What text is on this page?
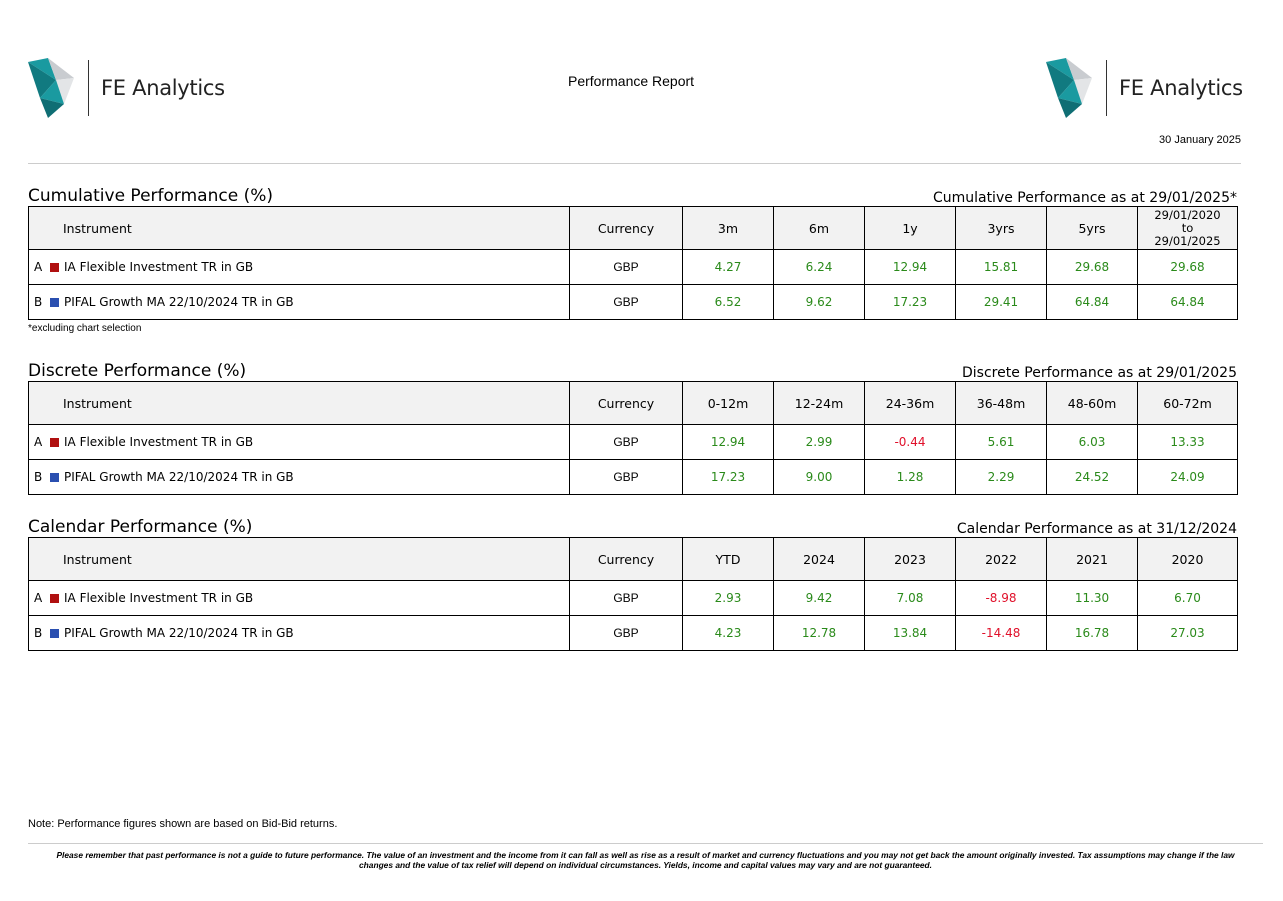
FE Analytics	Performance Report	FE Analytics
30 January 2025
Cumulative Performance (%)	Cumulative Performance as at 29/01/2025*
Instrument	Currency	3m	6m	1y	3yrs	5yrs	29/01/2020
to
29/01/2025

A IA Flexible Investment TR in GB	GBP	4.27	6.24	12.94	15.81	29.68	29.68
B PIFAL Growth MA 22/10/2024 TR in GB	GBP	6.52	9.62	17.23	29.41	64.84	64.84
*excluding chart selection
Discrete Performance (%)	Discrete Performance as at 29/01/2025
Instrument	Currency	0-12m	12-24m	24-36m	36-48m	48-60m	60-72m
A IA Flexible Investment TR in GB	GBP	12.94	2.99	-0.44	5.61	6.03	13.33
B PIFAL Growth MA 22/10/2024 TR in GB	GBP	17.23	9.00	1.28	2.29	24.52	24.09
Calendar Performance (%)	Calendar Performance as at 31/12/2024
Instrument	Currency	YTD	2024	2023	2022	2021	2020
A IA Flexible Investment TR in GB	GBP	2.93	9.42	7.08	-8.98	11.30	6.70
B PIFAL Growth MA 22/10/2024 TR in GB	GBP	4.23	12.78	13.84	-14.48	16.78	27.03
Note: Performance figures shown are based on Bid-Bid returns.
Please remember that past performance is not a guide to future performance. The value of an investment and the income from it can fall as well as rise as a result of market and currency fluctuations and you may not get back the amount originally invested. Tax assumptions may change if the law
changes and the value of tax relief will depend on individual circumstances. Yields, income and capital values may vary and are not guaranteed.
